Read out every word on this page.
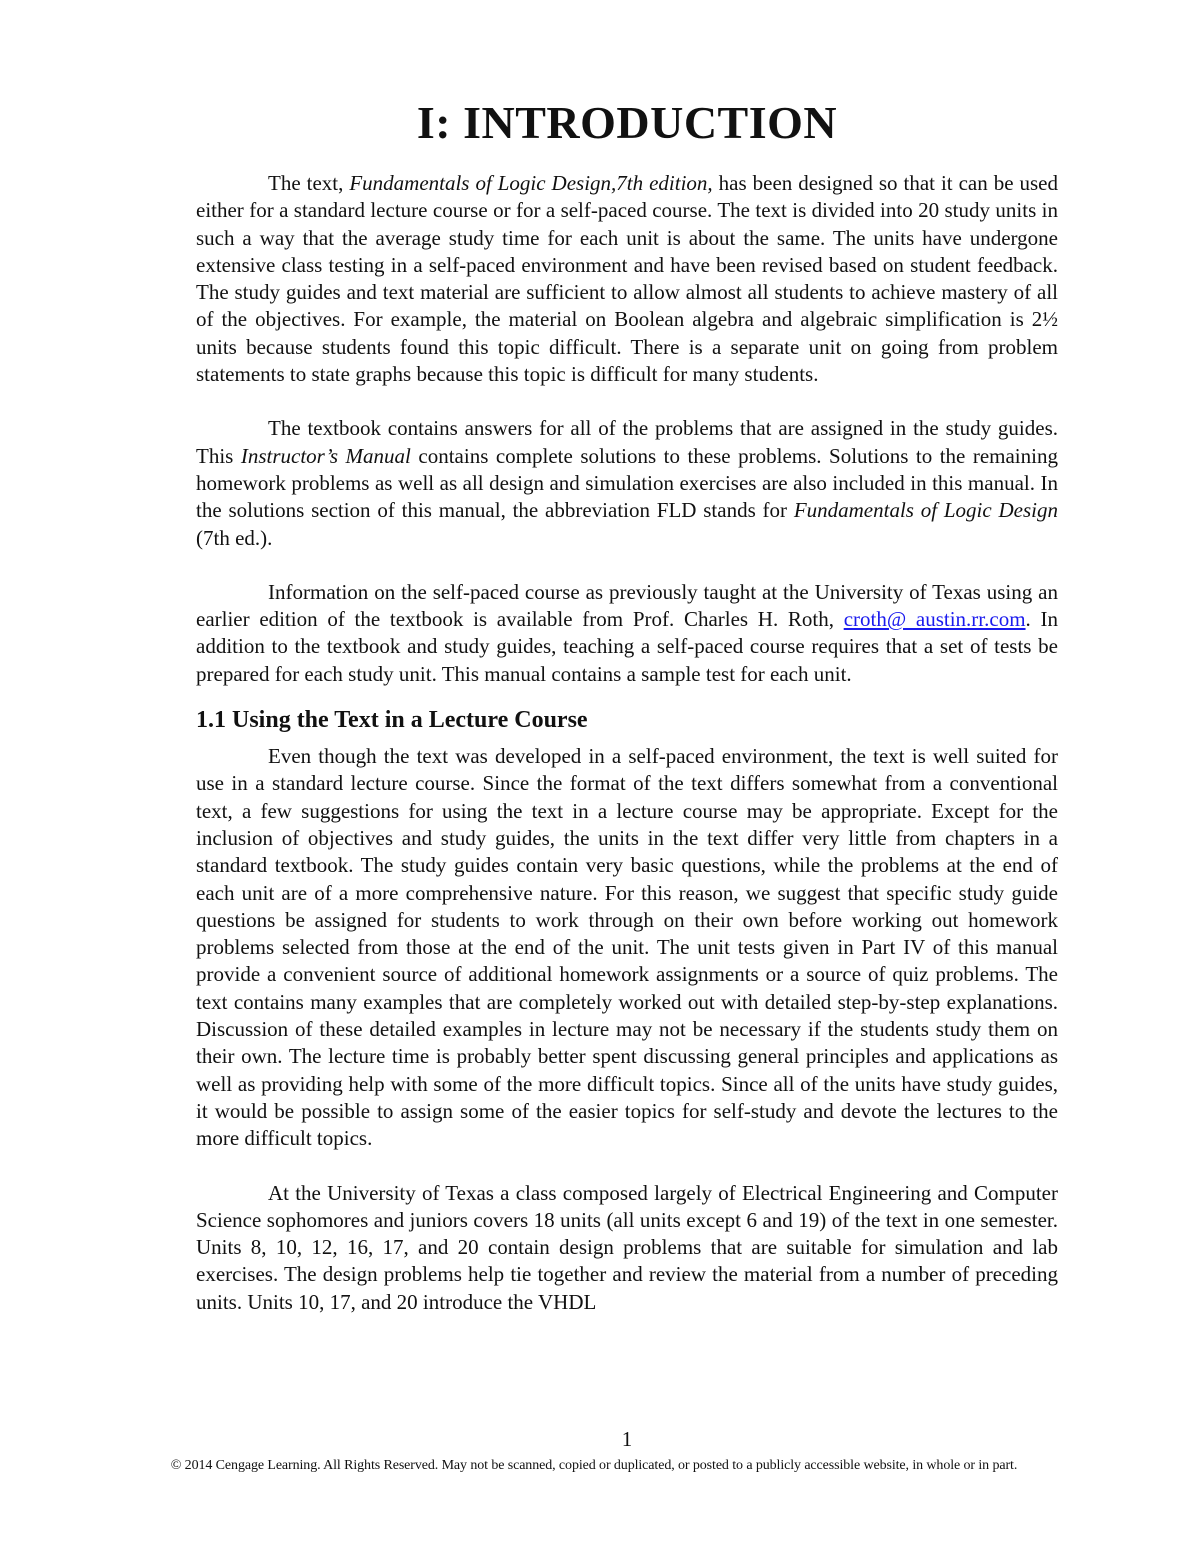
I: INTRODUCTION

The text, Fundamentals of Logic Design,7th edition, has been designed so that it can be used either for a standard lecture course or for a self-paced course. The text is divided into 20 study units in such a way that the average study time for each unit is about the same. The units have undergone extensive class testing in a self-paced environment and have been revised based on student feedback. The study guides and text material are sufficient to allow almost all students to achieve mastery of all of the objectives. For example, the material on Boolean algebra and algebraic simplification is 2½ units because students found this topic difficult. There is a separate unit on going from problem statements to state graphs because this topic is difficult for many students.

The textbook contains answers for all of the problems that are assigned in the study guides. This Instructor’s Manual contains complete solutions to these problems. Solutions to the remaining homework problems as well as all design and simulation exercises are also included in this manual. In the solutions section of this manual, the abbreviation FLD stands for Fundamentals of Logic Design (7th ed.).

Information on the self-paced course as previously taught at the University of Texas using an earlier edition of the textbook is available from Prof. Charles H. Roth, croth@ austin.rr.com. In addition to the textbook and study guides, teaching a self-paced course requires that a set of tests be prepared for each study unit. This manual contains a sample test for each unit.

1.1 Using the Text in a Lecture Course

Even though the text was developed in a self-paced environment, the text is well suited for use in a standard lecture course. Since the format of the text differs somewhat from a conventional text, a few suggestions for using the text in a lecture course may be appropriate. Except for the inclusion of objectives and study guides, the units in the text differ very little from chapters in a standard textbook. The study guides contain very basic questions, while the problems at the end of each unit are of a more comprehensive nature. For this reason, we suggest that specific study guide questions be assigned for students to work through on their own before working out homework problems selected from those at the end of the unit. The unit tests given in Part IV of this manual provide a convenient source of additional homework assignments or a source of quiz problems. The text contains many examples that are completely worked out with detailed step-by-step explanations. Discussion of these detailed examples in lecture may not be necessary if the students study them on their own. The lecture time is probably better spent discussing general principles and applications as well as providing help with some of the more difficult topics. Since all of the units have study guides, it would be possible to assign some of the easier topics for self-study and devote the lectures to the more difficult topics.

At the University of Texas a class composed largely of Electrical Engineering and Computer Science sophomores and juniors covers 18 units (all units except 6 and 19) of the text in one semester. Units 8, 10, 12, 16, 17, and 20 contain design problems that are suitable for simulation and lab exercises. The design problems help tie together and review the material from a number of preceding units. Units 10, 17, and 20 introduce the VHDL

1
© 2014 Cengage Learning. All Rights Reserved. May not be scanned, copied or duplicated, or posted to a publicly accessible website, in whole or in part.
